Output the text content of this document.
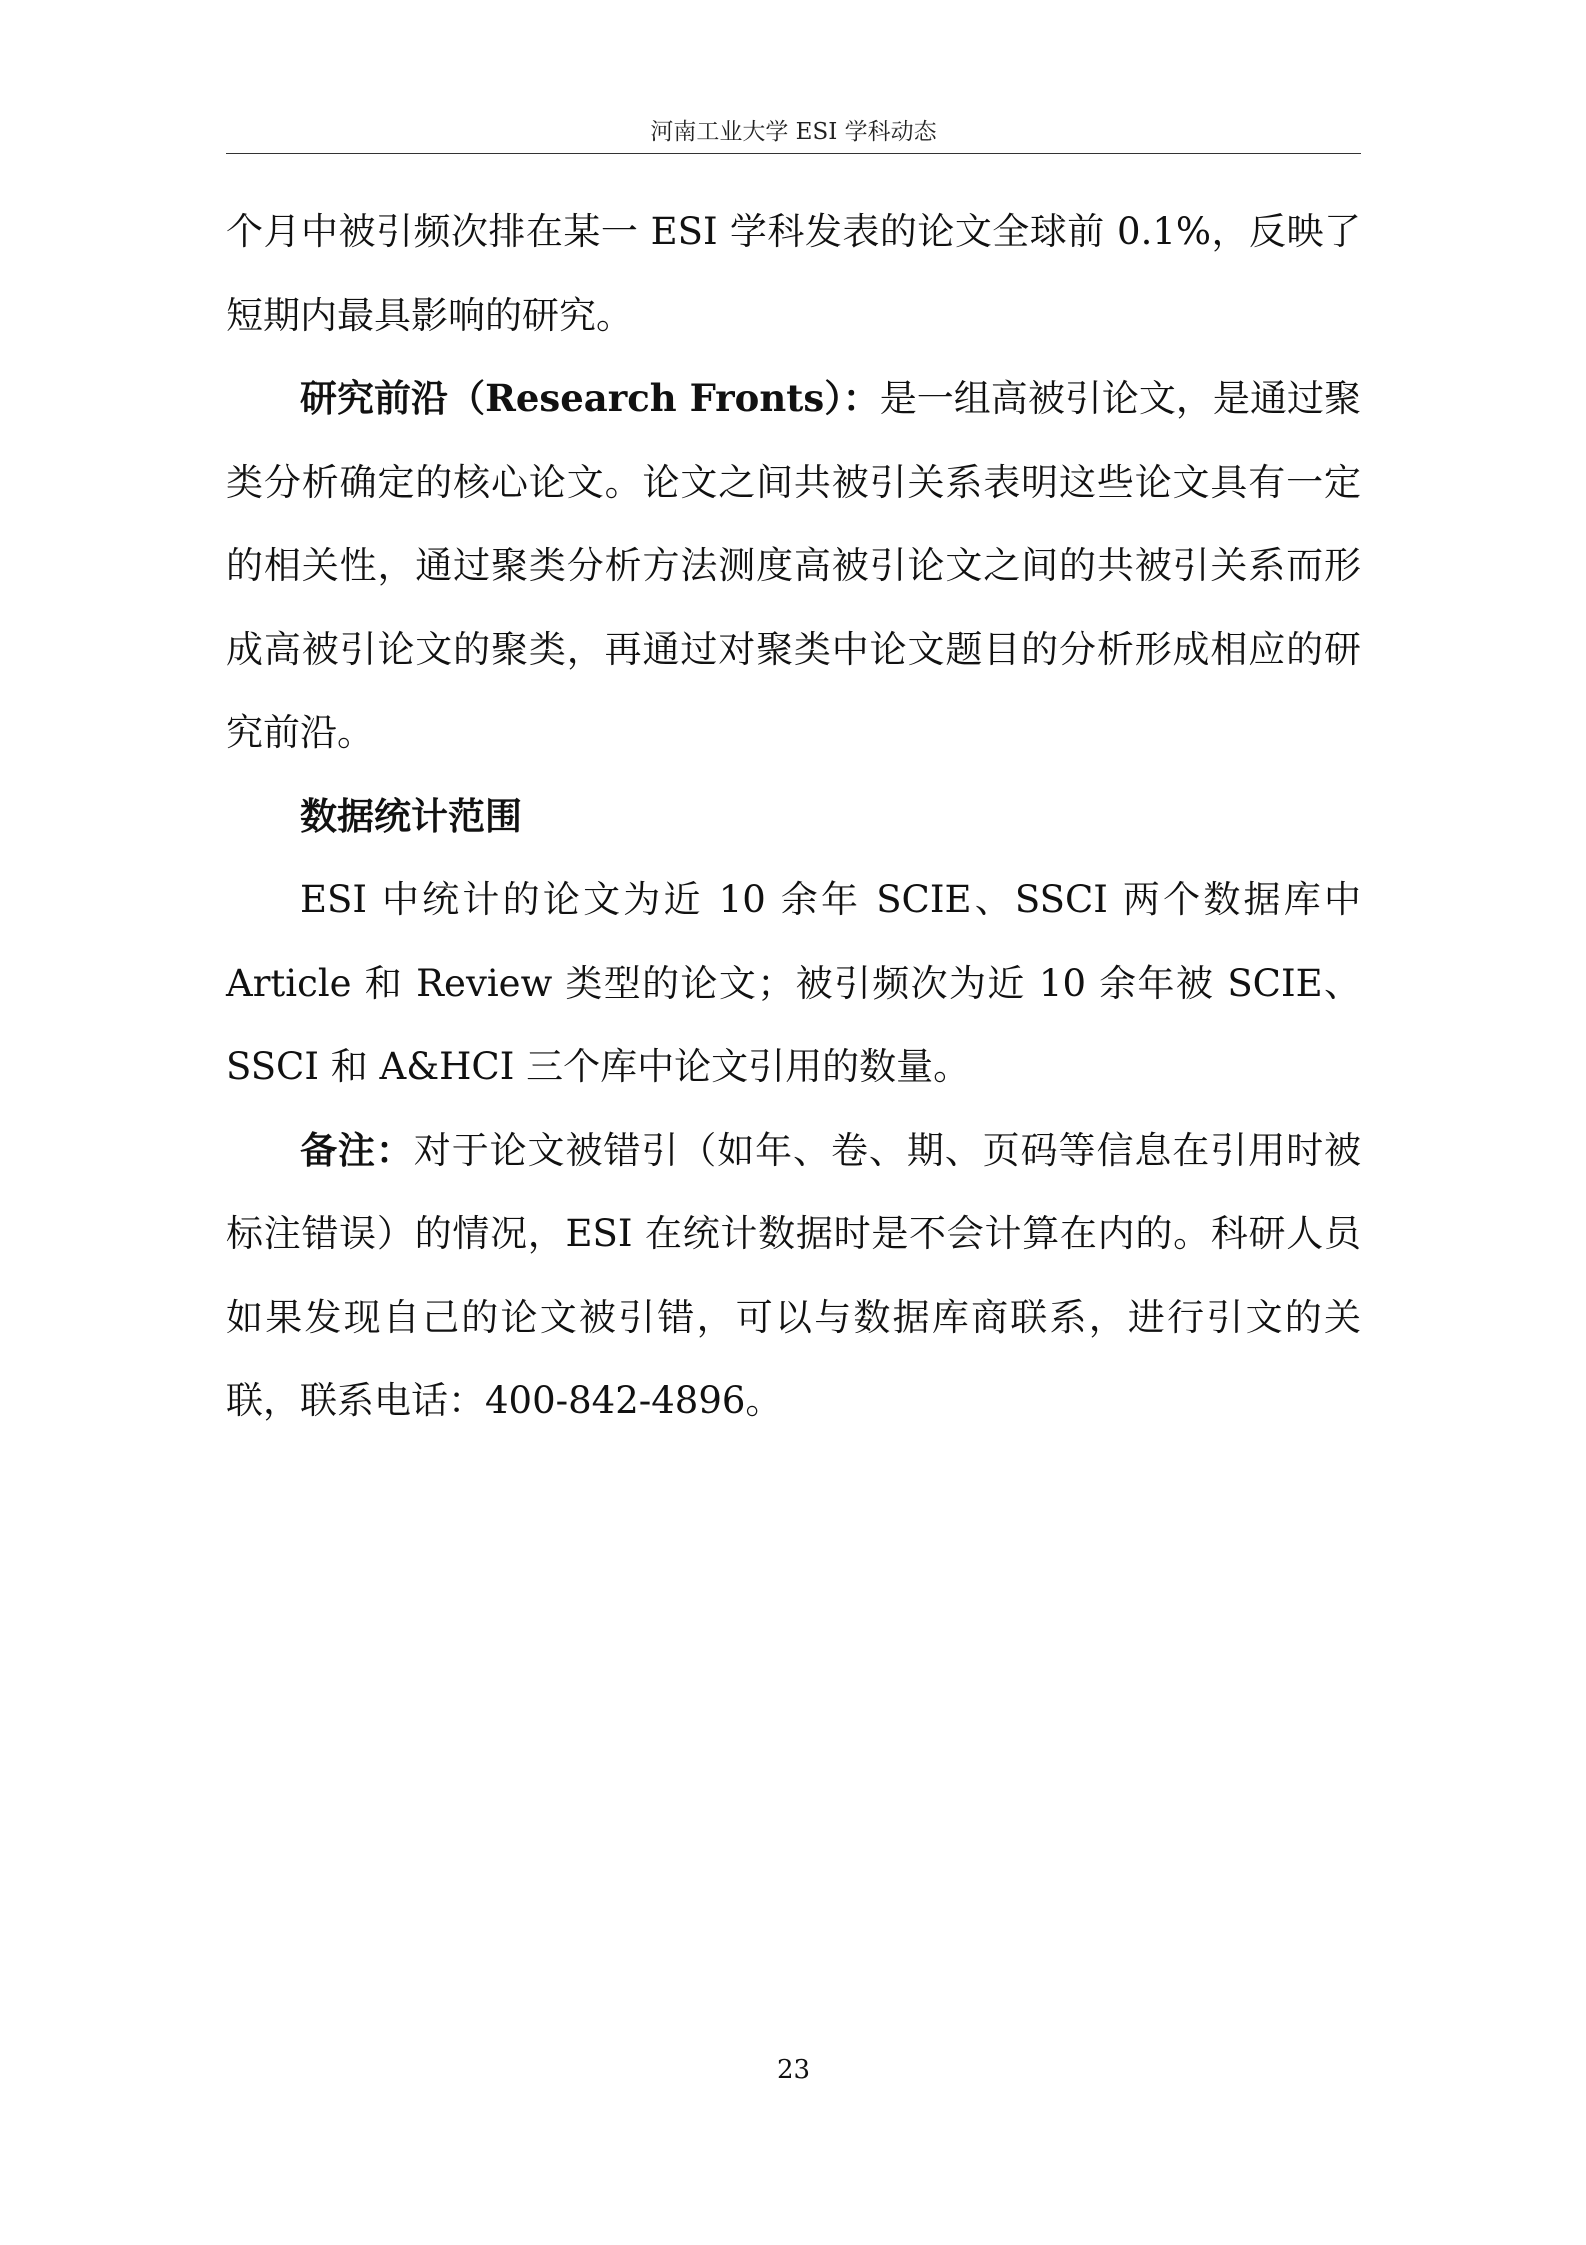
河南工业大学 ESI 学科动态

个月中被引频次排在某一 ESI 学科发表的论文全球前 0.1%，反映了短期内最具影响的研究。

研究前沿（Research Fronts）：是一组高被引论文，是通过聚类分析确定的核心论文。论文之间共被引关系表明这些论文具有一定的相关性，通过聚类分析方法测度高被引论文之间的共被引关系而形成高被引论文的聚类，再通过对聚类中论文题目的分析形成相应的研究前沿。

数据统计范围

ESI 中统计的论文为近 10 余年 SCIE、SSCI 两个数据库中 Article 和 Review 类型的论文；被引频次为近 10 余年被 SCIE、SSCI 和 A&HCI 三个库中论文引用的数量。

备注：对于论文被错引（如年、卷、期、页码等信息在引用时被标注错误）的情况，ESI 在统计数据时是不会计算在内的。科研人员如果发现自己的论文被引错，可以与数据库商联系，进行引文的关联，联系电话：400-842-4896。

23
